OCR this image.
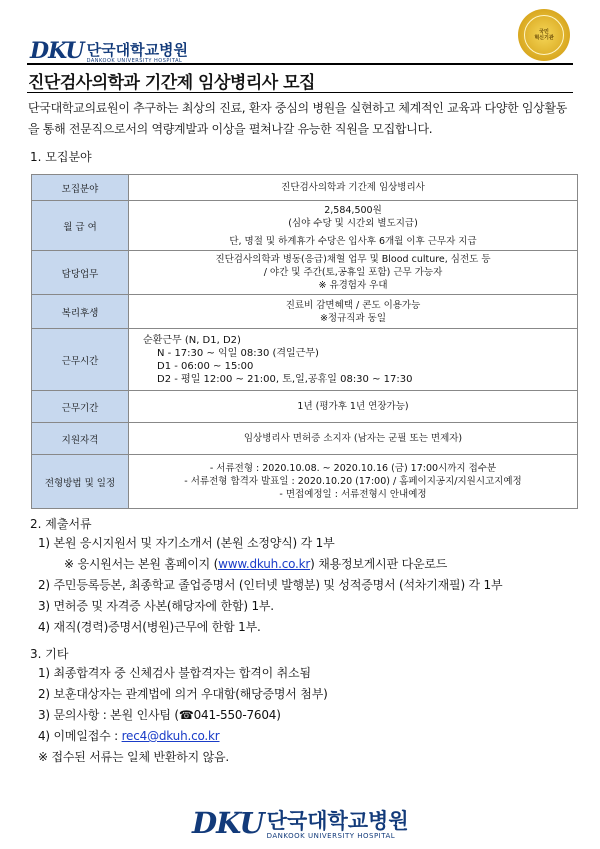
DKU 단국대학교병원
DANKOOK UNIVERSITY HOSPITAL
국민
혁신기관
진단검사의학과 기간제 임상병리사 모집
단국대학교의료원이 추구하는 최상의 진료, 환자 중심의 병원을 실현하고 체계적인 교육과 다양한 임상활동을 통해 전문직으로서의 역량계발과 이상을 펼쳐나갈 유능한 직원을 모집합니다.
1. 모집분야
모집분야	진단검사의학과 기간제 임상병리사
월 급 여	2,584,500원
(심야 수당 및 시간외 별도지급)
단, 명절 및 하계휴가 수당은 입사후 6개월 이후 근무자 지급

담당업무	진단검사의학과 병동(응급)채혈 업무 및 Blood culture, 심전도 등
/ 야간 및 주간(토,공휴일 포함) 근무 가능자
※ 유경험자 우대

복리후생	진료비 감면혜택 / 콘도 이용가능
※정규직과 동일

근무시간	순환근무 (N, D1, D2)
N - 17:30 ~ 익일 08:30 (격일근무)
D1 - 06:00 ~ 15:00
D2 - 평일 12:00 ~ 21:00, 토,일,공휴일 08:30 ~ 17:30

근무기간	1년 (평가후 1년 연장가능)
지원자격	임상병리사 면허증 소지자 (남자는 군필 또는 면제자)
전형방법 및 일정	- 서류전형 : 2020.10.08. ~ 2020.10.16 (금) 17:00시까지 접수분
- 서류전형 합격자 발표일 : 2020.10.20 (17:00) / 홈페이지공지/지원시고지예정
- 면접예정일 : 서류전형시 안내예정
2. 제출서류
1) 본원 응시지원서 및 자기소개서 (본원 소정양식) 각 1부
※ 응시원서는 본원 홈페이지 (www.dkuh.co.kr) 채용정보게시판 다운로드
2) 주민등록등본, 최종학교 졸업증명서 (인터넷 발행분) 및 성적증명서 (석차기재필) 각 1부
3) 면허증 및 자격증 사본(해당자에 한함) 1부.
4) 재직(경력)증명서(병원)근무에 한함 1부.
3. 기타
1) 최종합격자 중 신체검사 불합격자는 합격이 취소됨
2) 보훈대상자는 관계법에 의거 우대함(해당증명서 첨부)
3) 문의사항 : 본원 인사팀 (☎041-550-7604)
4) 이메일접수 : rec4@dkuh.co.kr
※ 접수된 서류는 일체 반환하지 않음.
DKU 단국대학교병원
DANKOOK UNIVERSITY HOSPITAL
